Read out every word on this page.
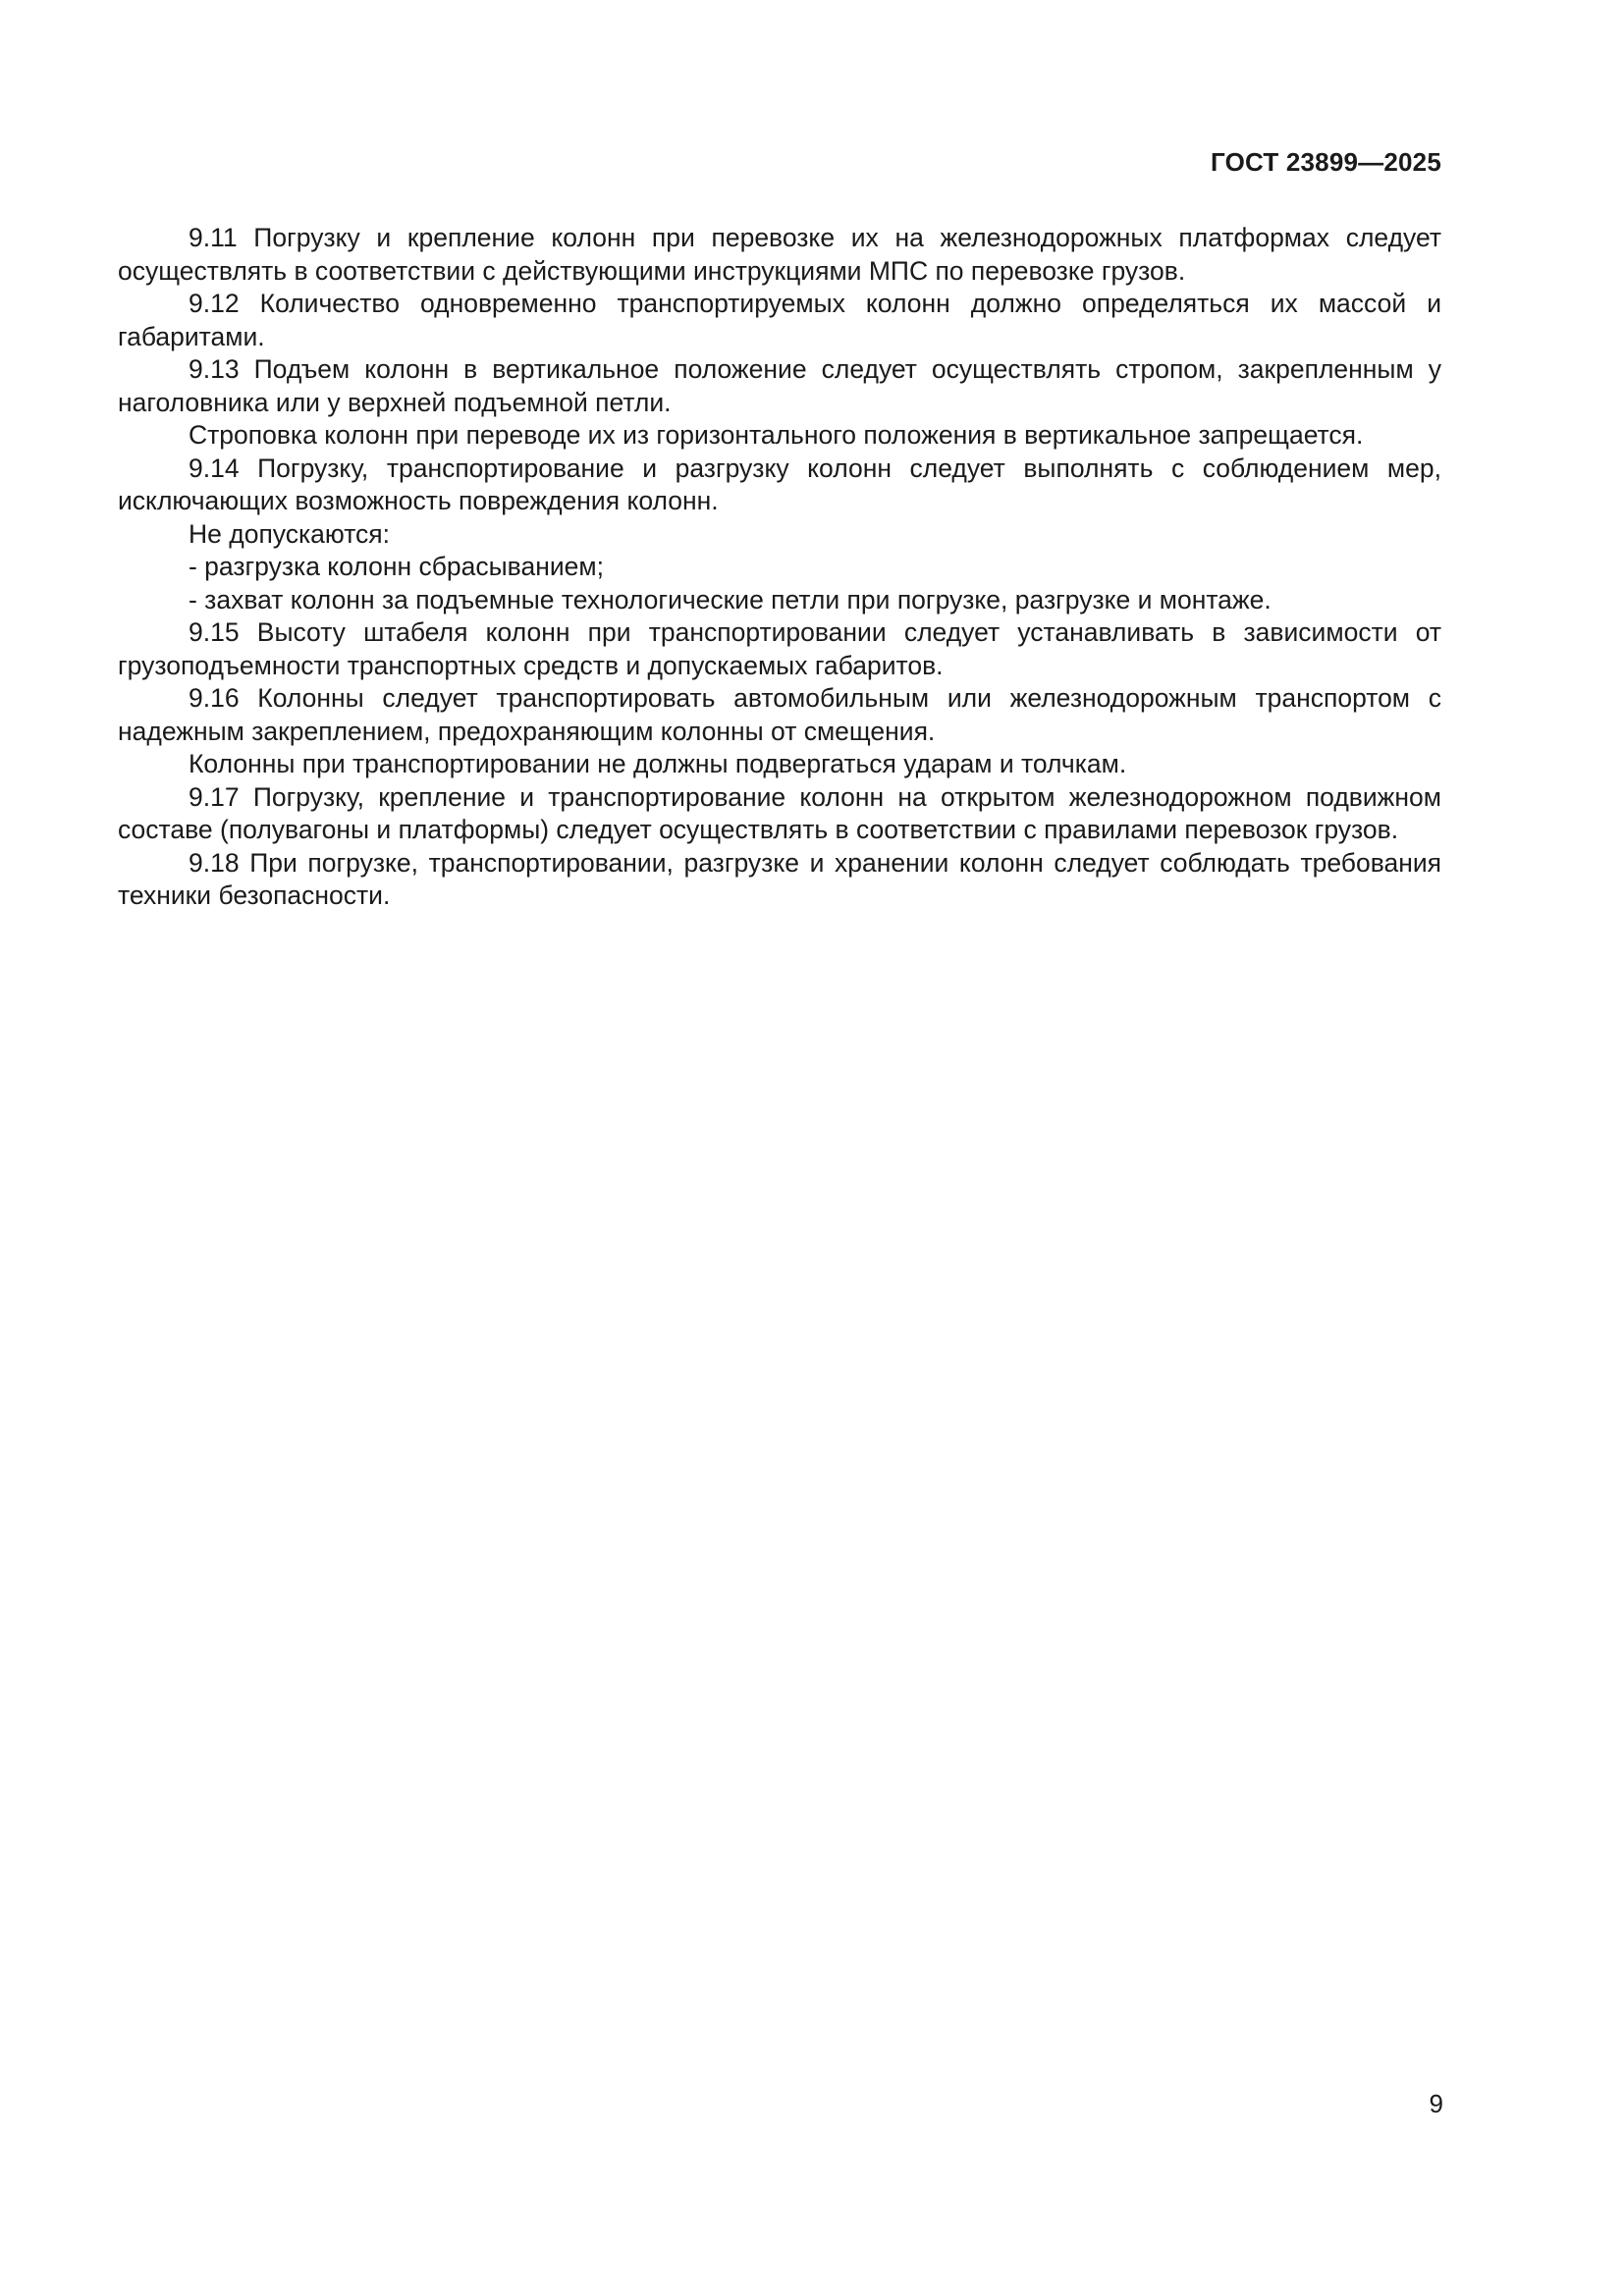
ГОСТ 23899—2025

9.11 Погрузку и крепление колонн при перевозке их на железнодорожных платформах следует осуществлять в соответствии с действующими инструкциями МПС по перевозке грузов.

9.12 Количество одновременно транспортируемых колонн должно определяться их массой и габаритами.

9.13 Подъем колонн в вертикальное положение следует осуществлять стропом, закрепленным у наголовника или у верхней подъемной петли.

Строповка колонн при переводе их из горизонтального положения в вертикальное запрещается.

9.14 Погрузку, транспортирование и разгрузку колонн следует выполнять с соблюдением мер, исключающих возможность повреждения колонн.

Не допускаются:

- разгрузка колонн сбрасыванием;

- захват колонн за подъемные технологические петли при погрузке, разгрузке и монтаже.

9.15 Высоту штабеля колонн при транспортировании следует устанавливать в зависимости от грузоподъемности транспортных средств и допускаемых габаритов.

9.16 Колонны следует транспортировать автомобильным или железнодорожным транспортом с надежным закреплением, предохраняющим колонны от смещения.

Колонны при транспортировании не должны подвергаться ударам и толчкам.

9.17 Погрузку, крепление и транспортирование колонн на открытом железнодорожном подвижном составе (полувагоны и платформы) следует осуществлять в соответствии с правилами перевозок грузов.

9.18 При погрузке, транспортировании, разгрузке и хранении колонн следует соблюдать требования техники безопасности.

9
